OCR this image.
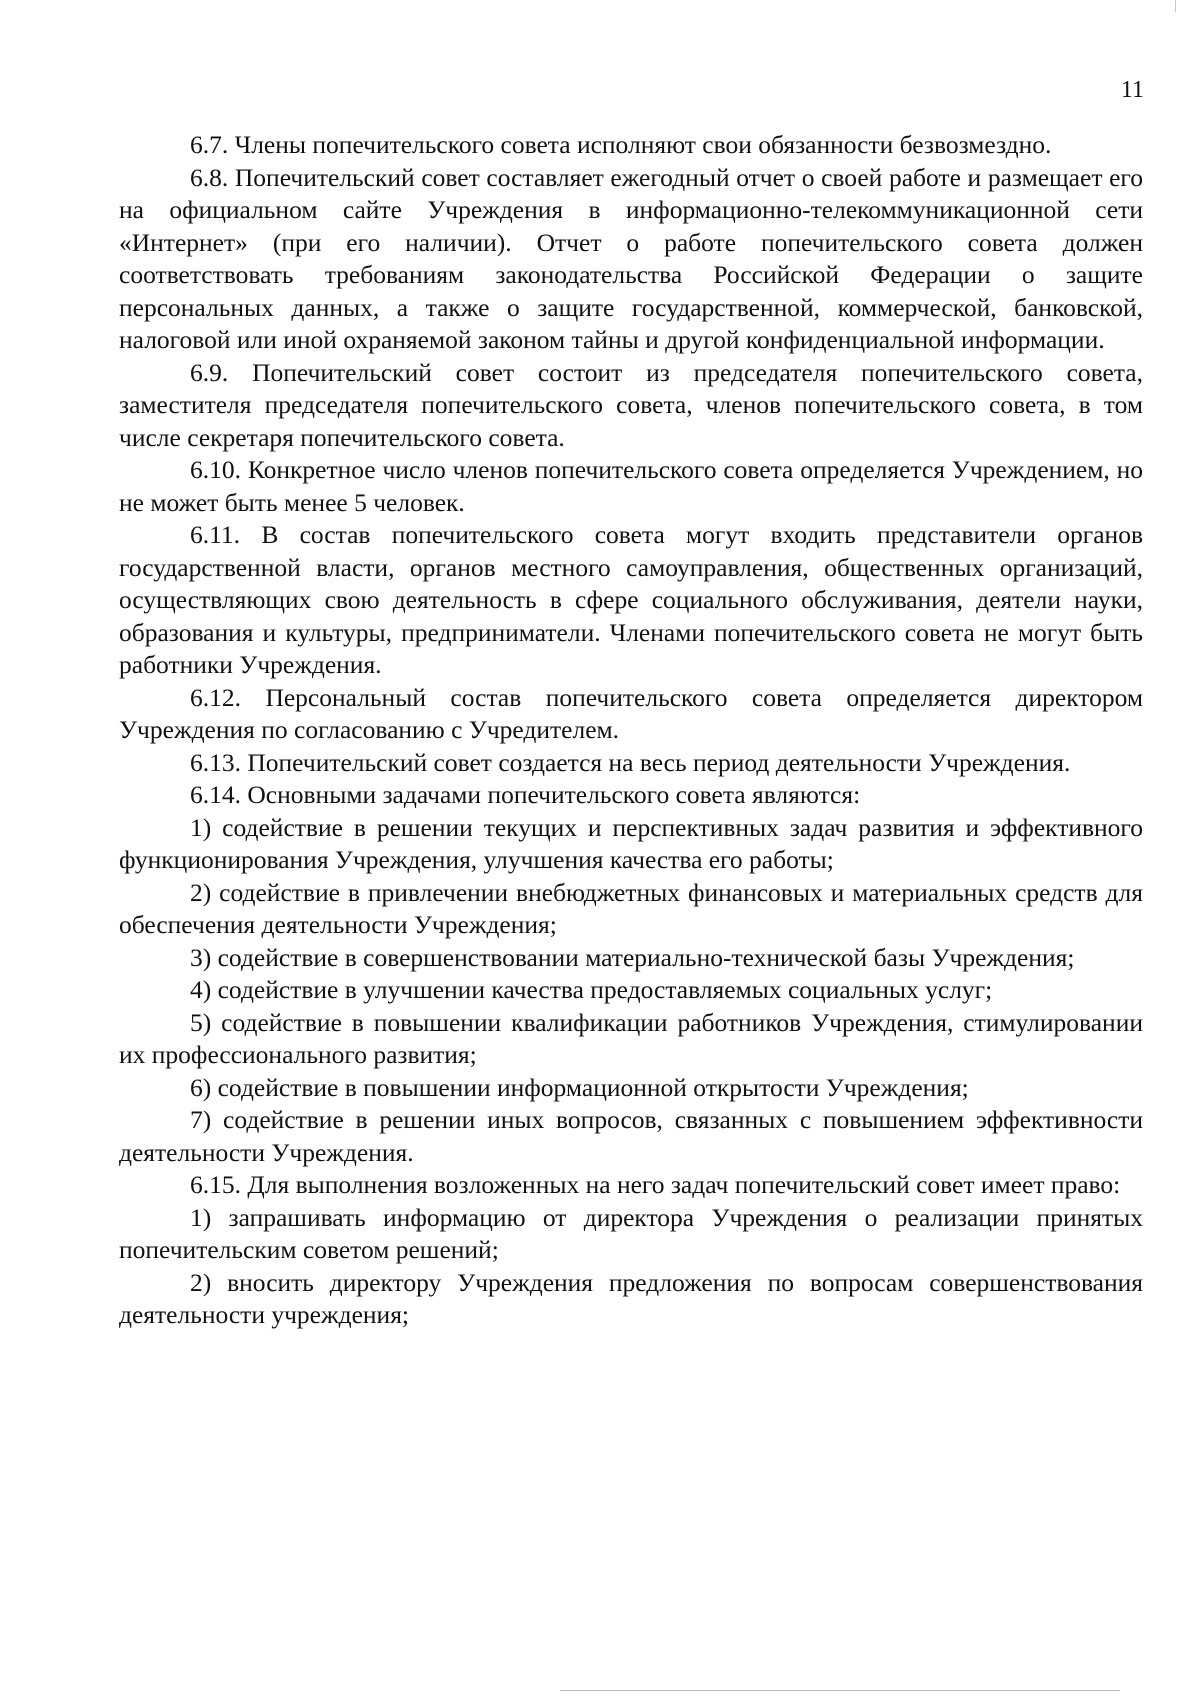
11

6.7. Члены попечительского совета исполняют свои обязанности безвозмездно.

6.8. Попечительский совет составляет ежегодный отчет о своей работе и размещает его на официальном сайте Учреждения в информационно-телекоммуникационной сети «Интернет» (при его наличии). Отчет о работе попечительского совета должен соответствовать требованиям законодательства Российской Федерации о защите персональных данных, а также о защите государственной, коммерческой, банковской, налоговой или иной охраняемой законом тайны и другой конфиденциальной информации.

6.9. Попечительский совет состоит из председателя попечительского совета, заместителя председателя попечительского совета, членов попечительского совета, в том числе секретаря попечительского совета.

6.10. Конкретное число членов попечительского совета определяется Учреждением, но не может быть менее 5 человек.

6.11. В состав попечительского совета могут входить представители органов государственной власти, органов местного самоуправления, общественных организаций, осуществляющих свою деятельность в сфере социального обслуживания, деятели науки, образования и культуры, предприниматели. Членами попечительского совета не могут быть работники Учреждения.

6.12. Персональный состав попечительского совета определяется директором Учреждения по согласованию с Учредителем.

6.13. Попечительский совет создается на весь период деятельности Учреждения.

6.14. Основными задачами попечительского совета являются:

1) содействие в решении текущих и перспективных задач развития и эффективного функционирования Учреждения, улучшения качества его работы;

2) содействие в привлечении внебюджетных финансовых и материальных средств для обеспечения деятельности Учреждения;

3) содействие в совершенствовании материально-технической базы Учреждения;

4) содействие в улучшении качества предоставляемых социальных услуг;

5) содействие в повышении квалификации работников Учреждения, стимулировании их профессионального развития;

6) содействие в повышении информационной открытости Учреждения;

7) содействие в решении иных вопросов, связанных с повышением эффективности деятельности Учреждения.

6.15. Для выполнения возложенных на него задач попечительский совет имеет право:

1) запрашивать информацию от директора Учреждения о реализации принятых попечительским советом решений;

2) вносить директору Учреждения предложения по вопросам совершенствования деятельности учреждения;
